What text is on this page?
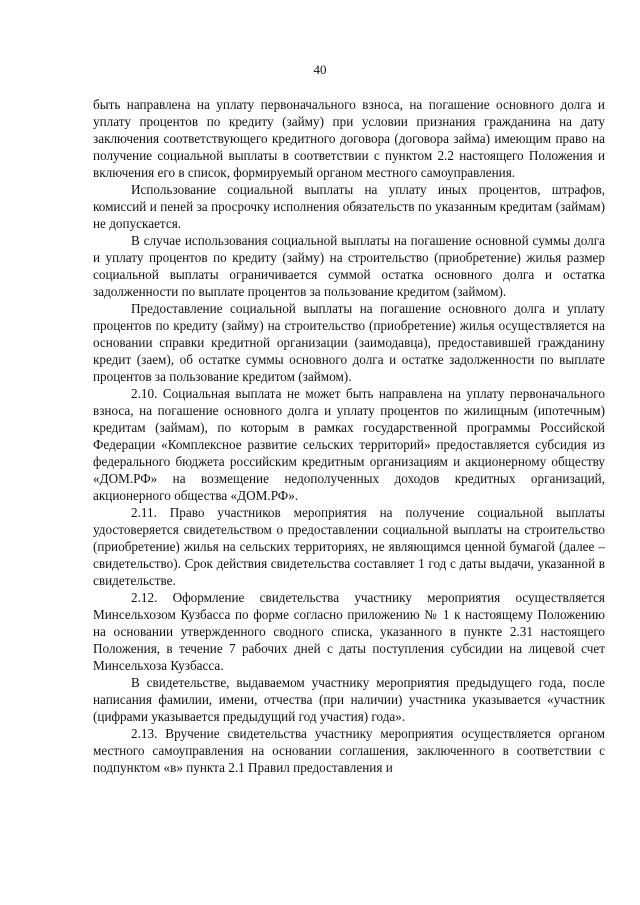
40

быть направлена на уплату первоначального взноса, на погашение основного долга и уплату процентов по кредиту (займу) при условии признания гражданина на дату заключения соответствующего кредитного договора (договора займа) имеющим право на получение социальной выплаты в соответствии с пунктом 2.2 настоящего Положения и включения его в список, формируемый органом местного самоуправления.

Использование социальной выплаты на уплату иных процентов, штрафов, комиссий и пеней за просрочку исполнения обязательств по указанным кредитам (займам) не допускается.

В случае использования социальной выплаты на погашение основной суммы долга и уплату процентов по кредиту (займу) на строительство (приобретение) жилья размер социальной выплаты ограничивается суммой остатка основного долга и остатка задолженности по выплате процентов за пользование кредитом (займом).

Предоставление социальной выплаты на погашение основного долга и уплату процентов по кредиту (займу) на строительство (приобретение) жилья осуществляется на основании справки кредитной организации (заимодавца), предоставившей гражданину кредит (заем), об остатке суммы основного долга и остатке задолженности по выплате процентов за пользование кредитом (займом).

2.10. Социальная выплата не может быть направлена на уплату первоначального взноса, на погашение основного долга и уплату процентов по жилищным (ипотечным) кредитам (займам), по которым в рамках государственной программы Российской Федерации «Комплексное развитие сельских территорий» предоставляется субсидия из федерального бюджета российским кредитным организациям и акционерному обществу «ДОМ.РФ» на возмещение недополученных доходов кредитных организаций, акционерного общества «ДОМ.РФ».

2.11. Право участников мероприятия на получение социальной выплаты удостоверяется свидетельством о предоставлении социальной выплаты на строительство (приобретение) жилья на сельских территориях, не являющимся ценной бумагой (далее – свидетельство). Срок действия свидетельства составляет 1 год с даты выдачи, указанной в свидетельстве.

2.12. Оформление свидетельства участнику мероприятия осуществляется Минсельхозом Кузбасса по форме согласно приложению № 1 к настоящему Положению на основании утвержденного сводного списка, указанного в пункте 2.31 настоящего Положения, в течение 7 рабочих дней с даты поступления субсидии на лицевой счет Минсельхоза Кузбасса.

В свидетельстве, выдаваемом участнику мероприятия предыдущего года, после написания фамилии, имени, отчества (при наличии) участника указывается «участник (цифрами указывается предыдущий год участия) года».

2.13. Вручение свидетельства участнику мероприятия осуществляется органом местного самоуправления на основании соглашения, заключенного в соответствии с подпунктом «в» пункта 2.1 Правил предоставления и
